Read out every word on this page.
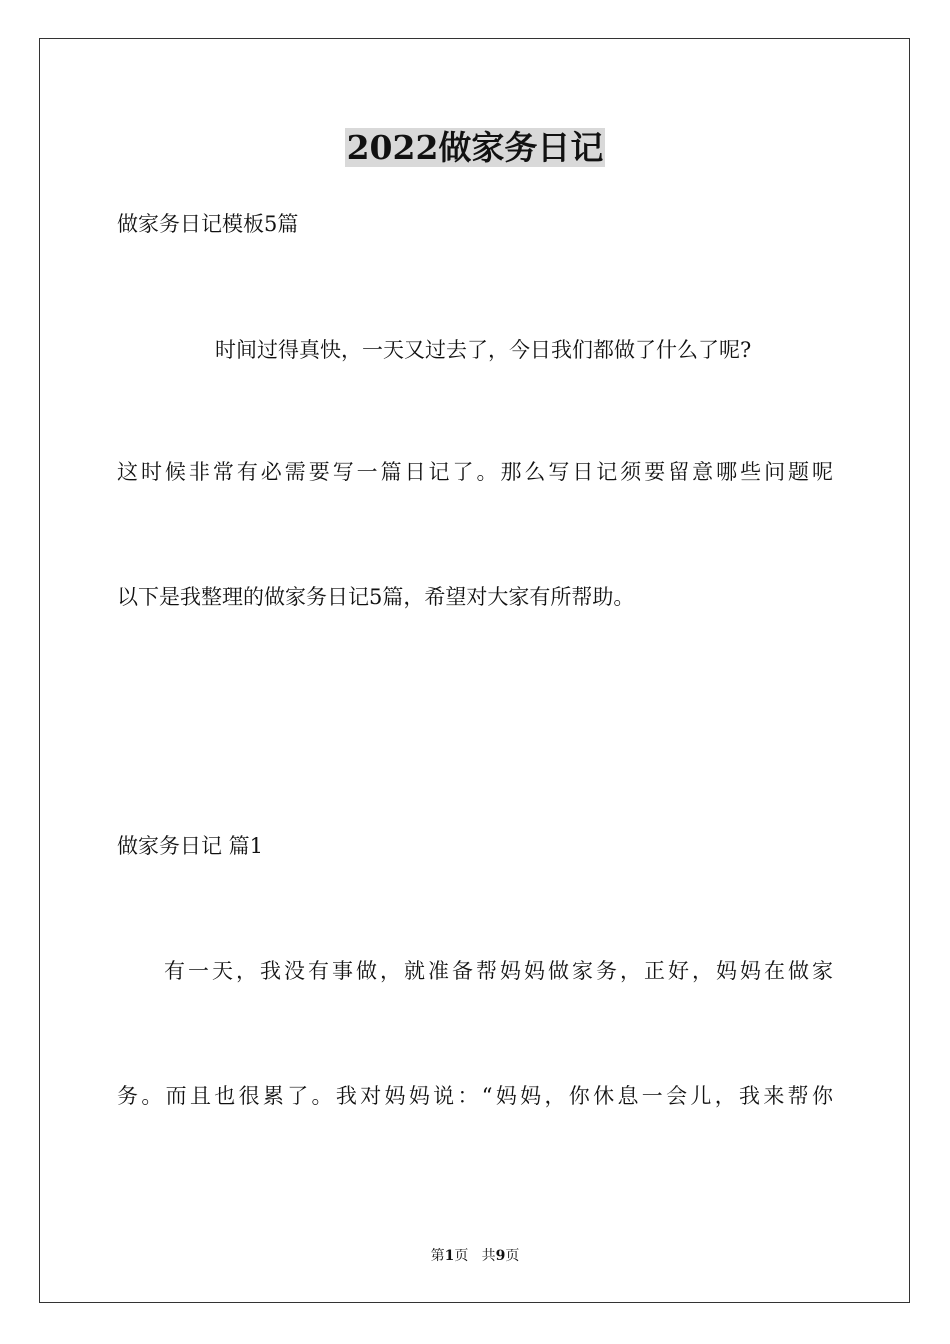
2022做家务日记

做家务日记模板5篇

时间过得真快，一天又过去了，今日我们都做了什么了呢?

这时候非常有必需要写一篇日记了。那么写日记须要留意哪些问题呢

以下是我整理的做家务日记5篇，希望对大家有所帮助。

做家务日记 篇1

有一天，我没有事做，就准备帮妈妈做家务，正好，妈妈在做家

务。而且也很累了。我对妈妈说：“妈妈，你休息一会儿，我来帮你

第1页 共9页
